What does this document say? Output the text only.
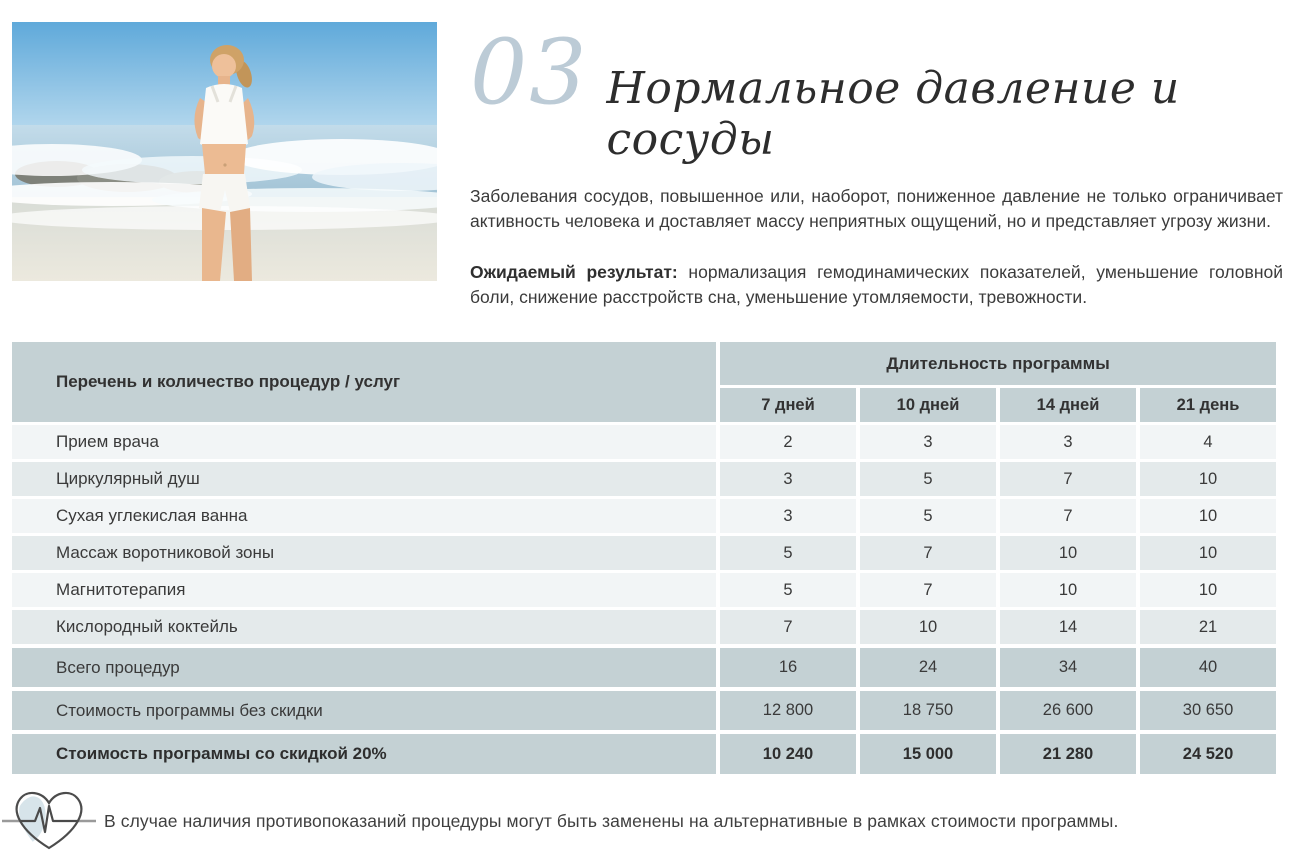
03 Нормальное давление и сосуды

Заболевания сосудов, повышенное или, наоборот, пониженное давление не только ограничивает активность человека и доставляет массу неприятных ощущений, но и представляет угрозу жизни.

Ожидаемый результат: нормализация гемодинамических показателей, уменьшение головной боли, снижение расстройств сна, уменьшение утомляемости, тревожности.

Перечень и количество процедур / услуг	Длительность программы			
	7 дней	10 дней	14 дней	21 день
Прием врача	2	3	3	4
Циркулярный душ	3	5	7	10
Сухая углекислая ванна	3	5	7	10
Массаж воротниковой зоны	5	7	10	10
Магнитотерапия	5	7	10	10
Кислородный коктейль	7	10	14	21
Всего процедур	16	24	34	40
Стоимость программы без скидки	12 800	18 750	26 600	30 650
Стоимость программы со скидкой 20%	10 240	15 000	21 280	24 520
В случае наличия противопоказаний процедуры могут быть заменены на альтернативные в рамках стоимости программы.
